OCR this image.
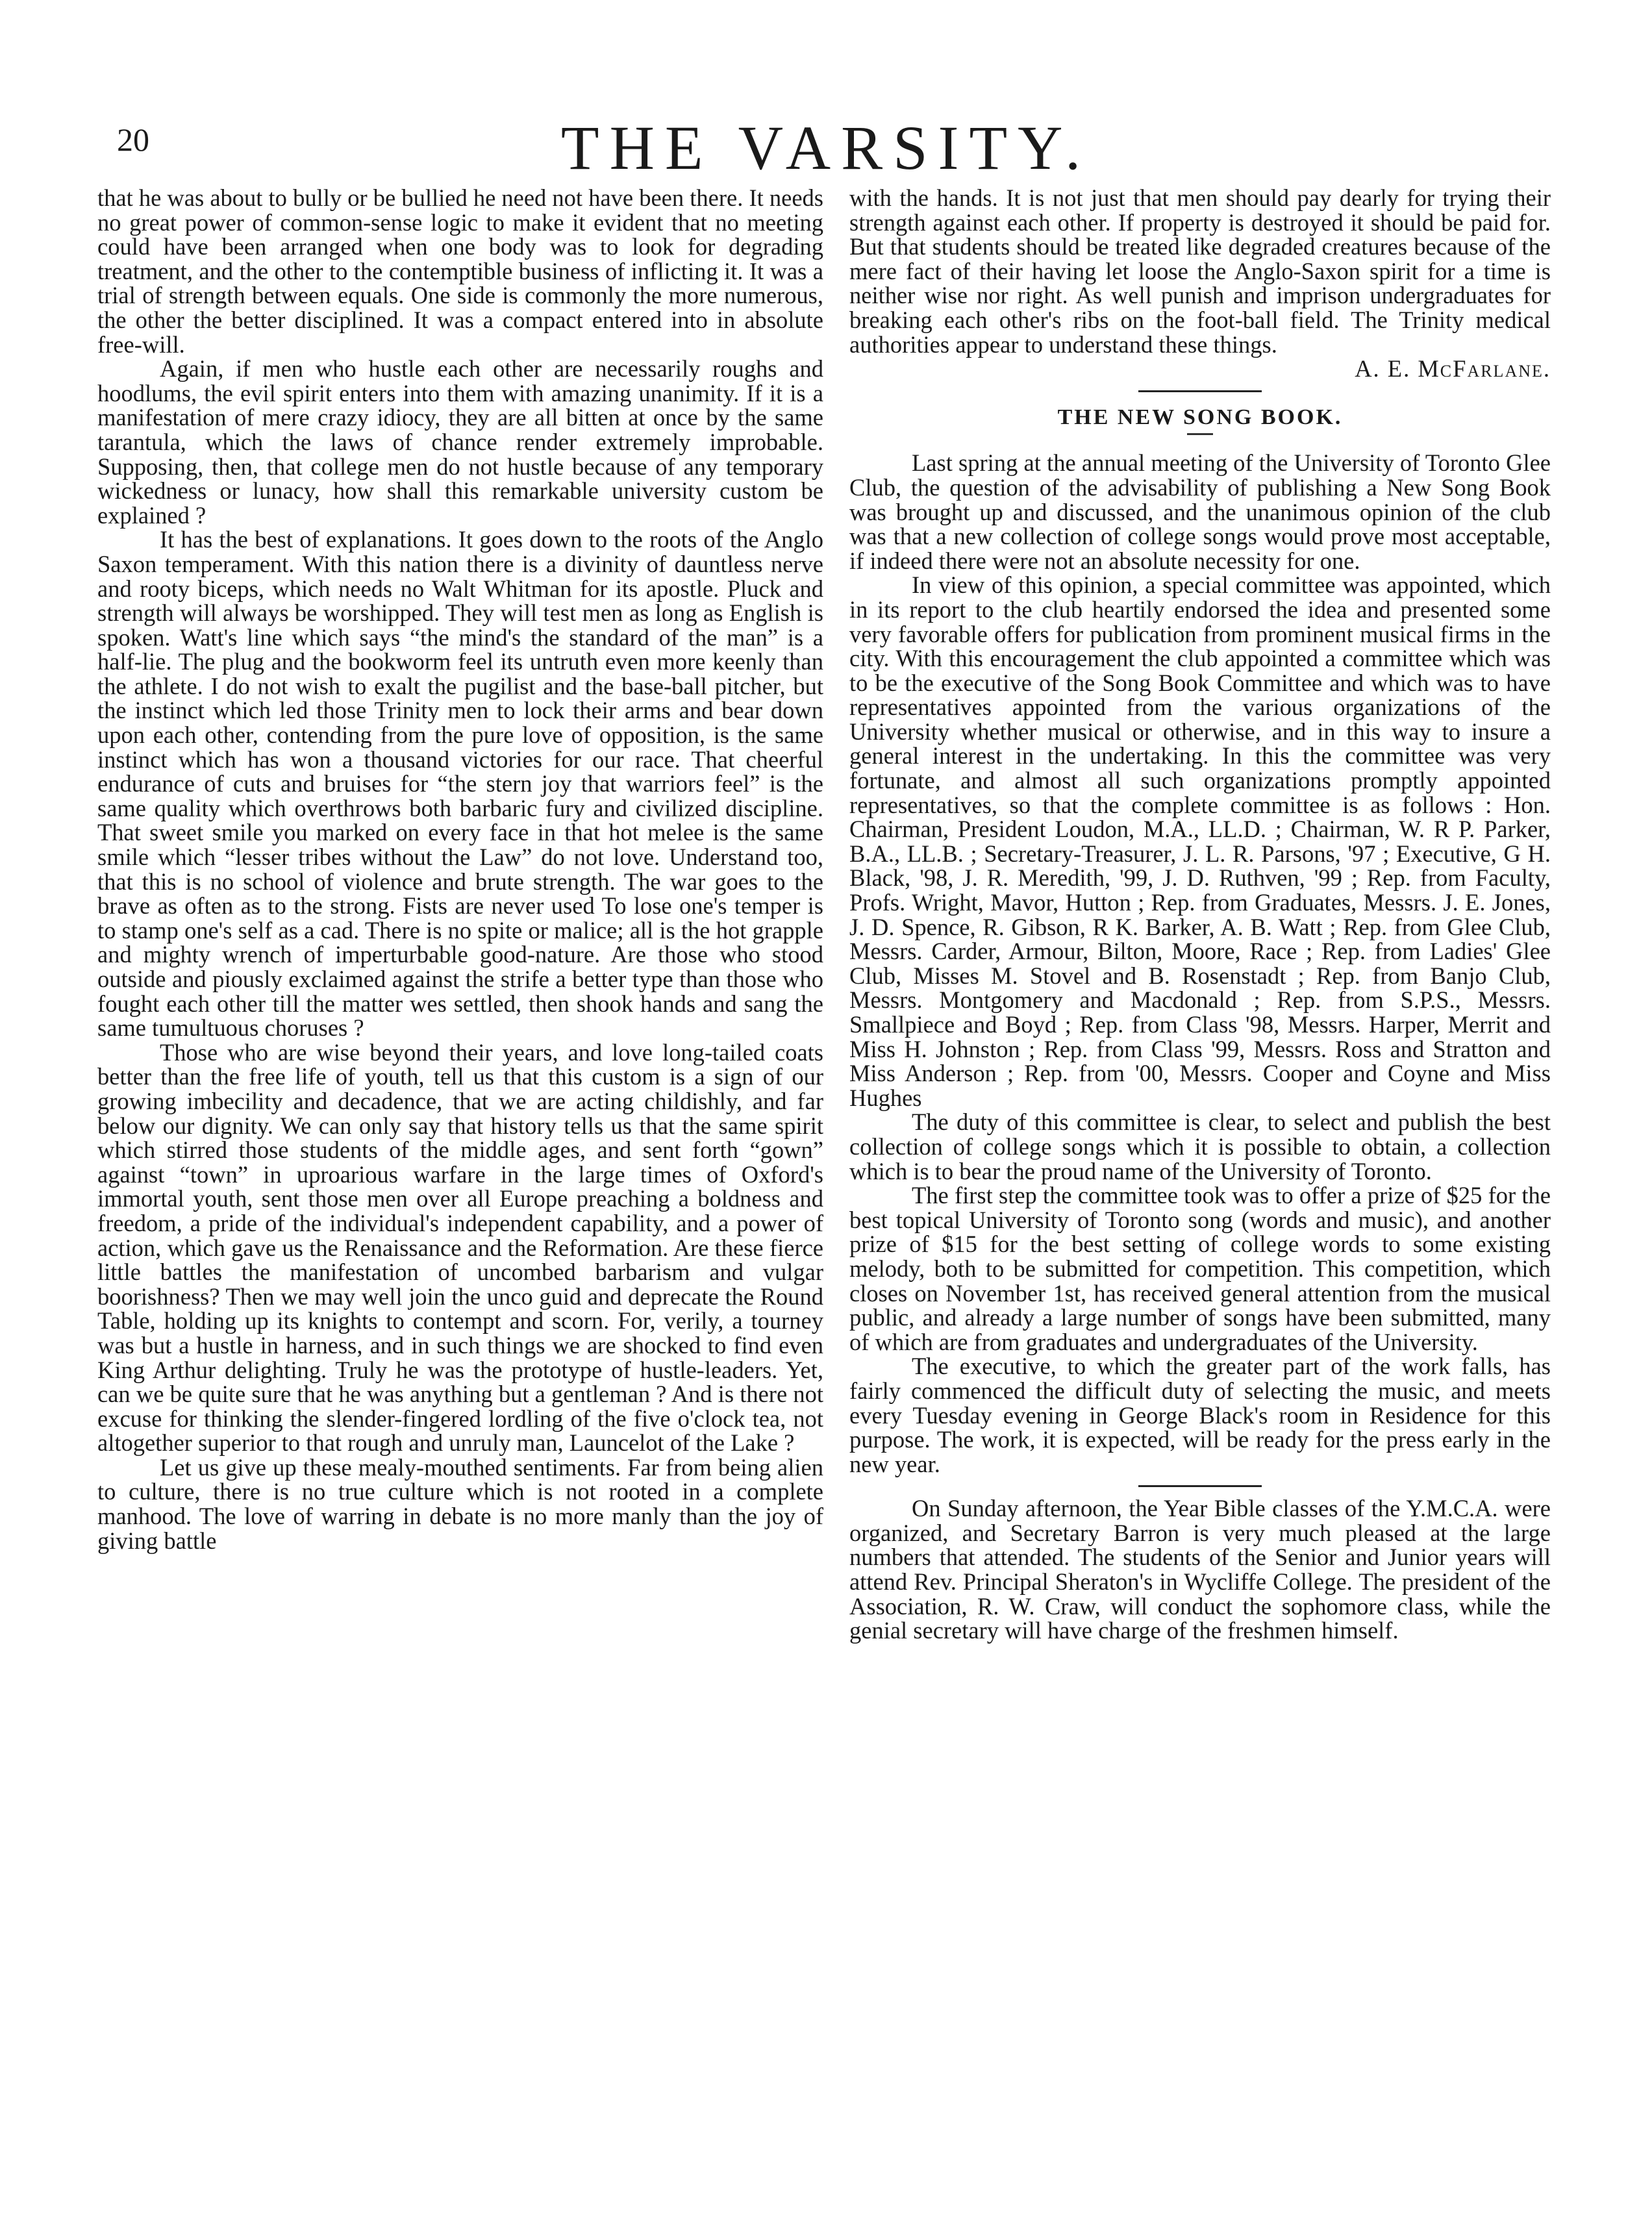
20	THE VARSITY.

that he was about to bully or be bullied he need not have been there. It needs no great power of common-sense logic to make it evident that no meeting could have been arranged when one body was to look for degrading treatment, and the other to the contemptible business of inflicting it. It was a trial of strength between equals. One side is commonly the more numerous, the other the better disciplined. It was a compact entered into in absolute free-will.

Again, if men who hustle each other are necessarily roughs and hoodlums, the evil spirit enters into them with amazing unanimity. If it is a manifestation of mere crazy idiocy, they are all bitten at once by the same tarantula, which the laws of chance render extremely improbable. Supposing, then, that college men do not hustle because of any temporary wickedness or lunacy, how shall this remarkable university custom be explained ?

It has the best of explanations. It goes down to the roots of the Anglo Saxon temperament. With this nation there is a divinity of dauntless nerve and rooty biceps, which needs no Walt Whitman for its apostle. Pluck and strength will always be worshipped. They will test men as long as English is spoken. Watt's line which says “the mind's the standard of the man” is a half-lie. The plug and the bookworm feel its untruth even more keenly than the athlete. I do not wish to exalt the pugilist and the base-ball pitcher, but the instinct which led those Trinity men to lock their arms and bear down upon each other, contending from the pure love of opposition, is the same instinct which has won a thousand victories for our race. That cheerful endurance of cuts and bruises for “the stern joy that warriors feel” is the same quality which overthrows both barbaric fury and civilized discipline. That sweet smile you marked on every face in that hot melee is the same smile which “lesser tribes without the Law” do not love. Understand too, that this is no school of violence and brute strength. The war goes to the brave as often as to the strong. Fists are never used To lose one's temper is to stamp one's self as a cad. There is no spite or malice; all is the hot grapple and mighty wrench of imperturbable good-nature. Are those who stood outside and piously exclaimed against the strife a better type than those who fought each other till the matter wes settled, then shook hands and sang the same tumultuous choruses ?

Those who are wise beyond their years, and love long-tailed coats better than the free life of youth, tell us that this custom is a sign of our growing imbecility and decadence, that we are acting childishly, and far below our dignity. We can only say that history tells us that the same spirit which stirred those students of the middle ages, and sent forth “gown” against “town” in uproarious warfare in the large times of Oxford's immortal youth, sent those men over all Europe preaching a boldness and freedom, a pride of the individual's independent capability, and a power of action, which gave us the Renaissance and the Reformation. Are these fierce little battles the manifestation of uncombed barbarism and vulgar boorishness? Then we may well join the unco guid and deprecate the Round Table, holding up its knights to contempt and scorn. For, verily, a tourney was but a hustle in harness, and in such things we are shocked to find even King Arthur delighting. Truly he was the prototype of hustle-leaders. Yet, can we be quite sure that he was anything but a gentleman ? And is there not excuse for thinking the slender-fingered lordling of the five o'clock tea, not altogether superior to that rough and unruly man, Launcelot of the Lake ?

Let us give up these mealy-mouthed sentiments. Far from being alien to culture, there is no true culture which is not rooted in a complete manhood. The love of warring in debate is no more manly than the joy of giving battle

with the hands. It is not just that men should pay dearly for trying their strength against each other. If property is destroyed it should be paid for. But that students should be treated like degraded creatures because of the mere fact of their having let loose the Anglo-Saxon spirit for a time is neither wise nor right. As well punish and imprison undergraduates for breaking each other's ribs on the foot-ball field. The Trinity medical authorities appear to understand these things.

A. E. McFarlane.

THE NEW SONG BOOK.

Last spring at the annual meeting of the University of Toronto Glee Club, the question of the advisability of publishing a New Song Book was brought up and discussed, and the unanimous opinion of the club was that a new collection of college songs would prove most acceptable, if indeed there were not an absolute necessity for one.

In view of this opinion, a special committee was appointed, which in its report to the club heartily endorsed the idea and presented some very favorable offers for publication from prominent musical firms in the city. With this encouragement the club appointed a committee which was to be the executive of the Song Book Committee and which was to have representatives appointed from the various organizations of the University whether musical or otherwise, and in this way to insure a general interest in the undertaking. In this the committee was very fortunate, and almost all such organizations promptly appointed representatives, so that the complete committee is as follows : Hon. Chairman, President Loudon, M.A., LL.D. ; Chairman, W. R P. Parker, B.A., LL.B. ; Secretary-Treasurer, J. L. R. Parsons, '97 ; Executive, G H. Black, '98, J. R. Meredith, '99, J. D. Ruthven, '99 ; Rep. from Faculty, Profs. Wright, Mavor, Hutton ; Rep. from Graduates, Messrs. J. E. Jones, J. D. Spence, R. Gibson, R K. Barker, A. B. Watt ; Rep. from Glee Club, Messrs. Carder, Armour, Bilton, Moore, Race ; Rep. from Ladies' Glee Club, Misses M. Stovel and B. Rosenstadt ; Rep. from Banjo Club, Messrs. Montgomery and Macdonald ; Rep. from S.P.S., Messrs. Smallpiece and Boyd ; Rep. from Class '98, Messrs. Harper, Merrit and Miss H. Johnston ; Rep. from Class '99, Messrs. Ross and Stratton and Miss Anderson ; Rep. from '00, Messrs. Cooper and Coyne and Miss Hughes

The duty of this committee is clear, to select and publish the best collection of college songs which it is possible to obtain, a collection which is to bear the proud name of the University of Toronto.

The first step the committee took was to offer a prize of $25 for the best topical University of Toronto song (words and music), and another prize of $15 for the best setting of college words to some existing melody, both to be submitted for competition. This competition, which closes on November 1st, has received general attention from the musical public, and already a large number of songs have been submitted, many of which are from graduates and undergraduates of the University.

The executive, to which the greater part of the work falls, has fairly commenced the difficult duty of selecting the music, and meets every Tuesday evening in George Black's room in Residence for this purpose. The work, it is expected, will be ready for the press early in the new year.

On Sunday afternoon, the Year Bible classes of the Y.M.C.A. were organized, and Secretary Barron is very much pleased at the large numbers that attended. The students of the Senior and Junior years will attend Rev. Principal Sheraton's in Wycliffe College. The president of the Association, R. W. Craw, will conduct the sophomore class, while the genial secretary will have charge of the freshmen himself.
